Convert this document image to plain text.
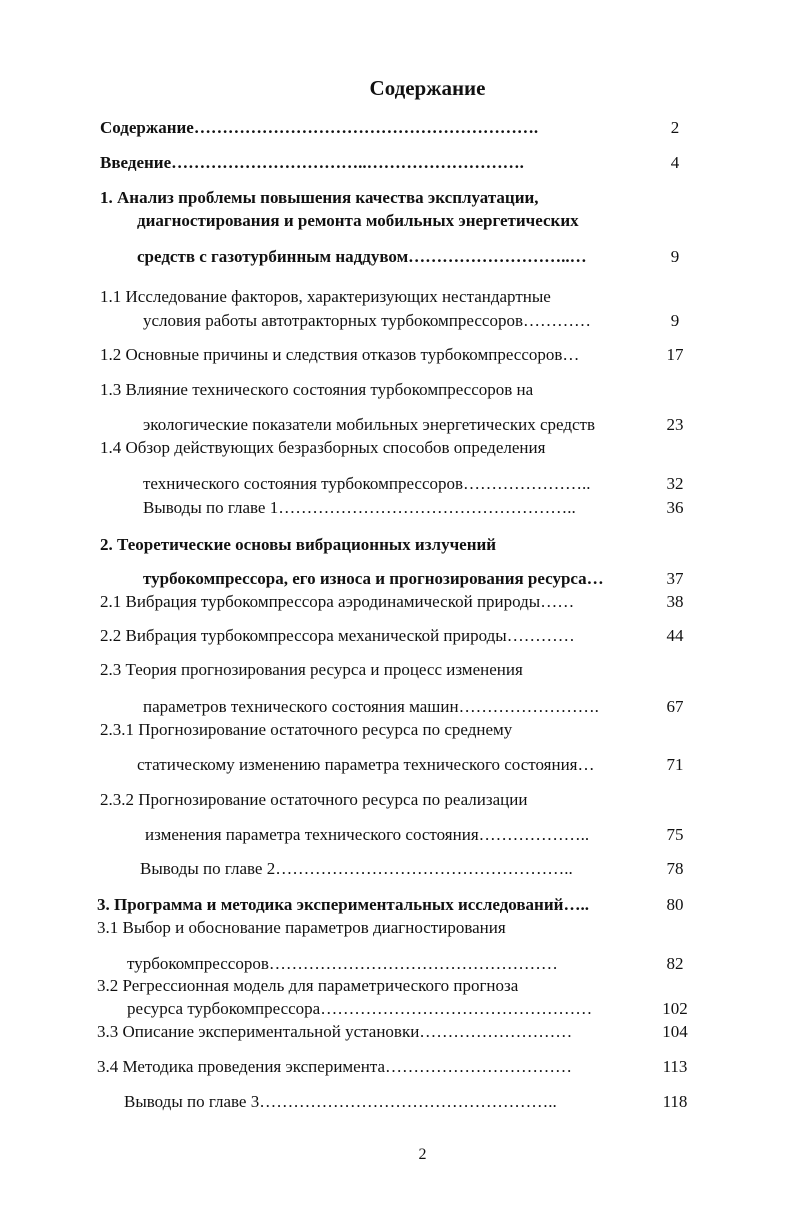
Содержание
Содержание…………………………………………………….	2
Введение……………………………..……………………….	4
1. Анализ проблемы повышения качества эксплуатации,
диагностирования и ремонта мобильных энергетических
средств с газотурбинным наддувом………………………..…	9
1.1 Исследование факторов, характеризующих нестандартные
условия работы автотракторных турбокомпрессоров…………	9
1.2 Основные причины и следствия отказов турбокомпрессоров…	17
1.3 Влияние технического состояния турбокомпрессоров на
экологические показатели мобильных энергетических средств	23
1.4 Обзор действующих безразборных способов определения
технического состояния турбокомпрессоров…………………..	32
Выводы по главе 1……………………………………………..	36
2. Теоретические основы вибрационных излучений
турбокомпрессора, его износа и прогнозирования ресурса…	37
2.1 Вибрация турбокомпрессора аэродинамической природы……	38
2.2 Вибрация турбокомпрессора механической природы…………	44
2.3 Теория прогнозирования ресурса и процесс изменения
параметров технического состояния машин…………………….	67
2.3.1 Прогнозирование остаточного ресурса по среднему
статическому изменению параметра технического состояния…	71
2.3.2 Прогнозирование остаточного ресурса по реализации
изменения параметра технического состояния………………..	75
Выводы по главе 2……………………………………………..	78
3. Программа и методика экспериментальных исследований…..	80
3.1 Выбор и обоснование параметров диагностирования
турбокомпрессоров……………………………………………	82
3.2 Регрессионная модель для параметрического прогноза
ресурса турбокомпрессора…………………………………………	102
3.3 Описание экспериментальной установки………………………	104
3.4 Методика проведения эксперимента……………………………	113
Выводы по главе 3……………………………………………..	118
2
